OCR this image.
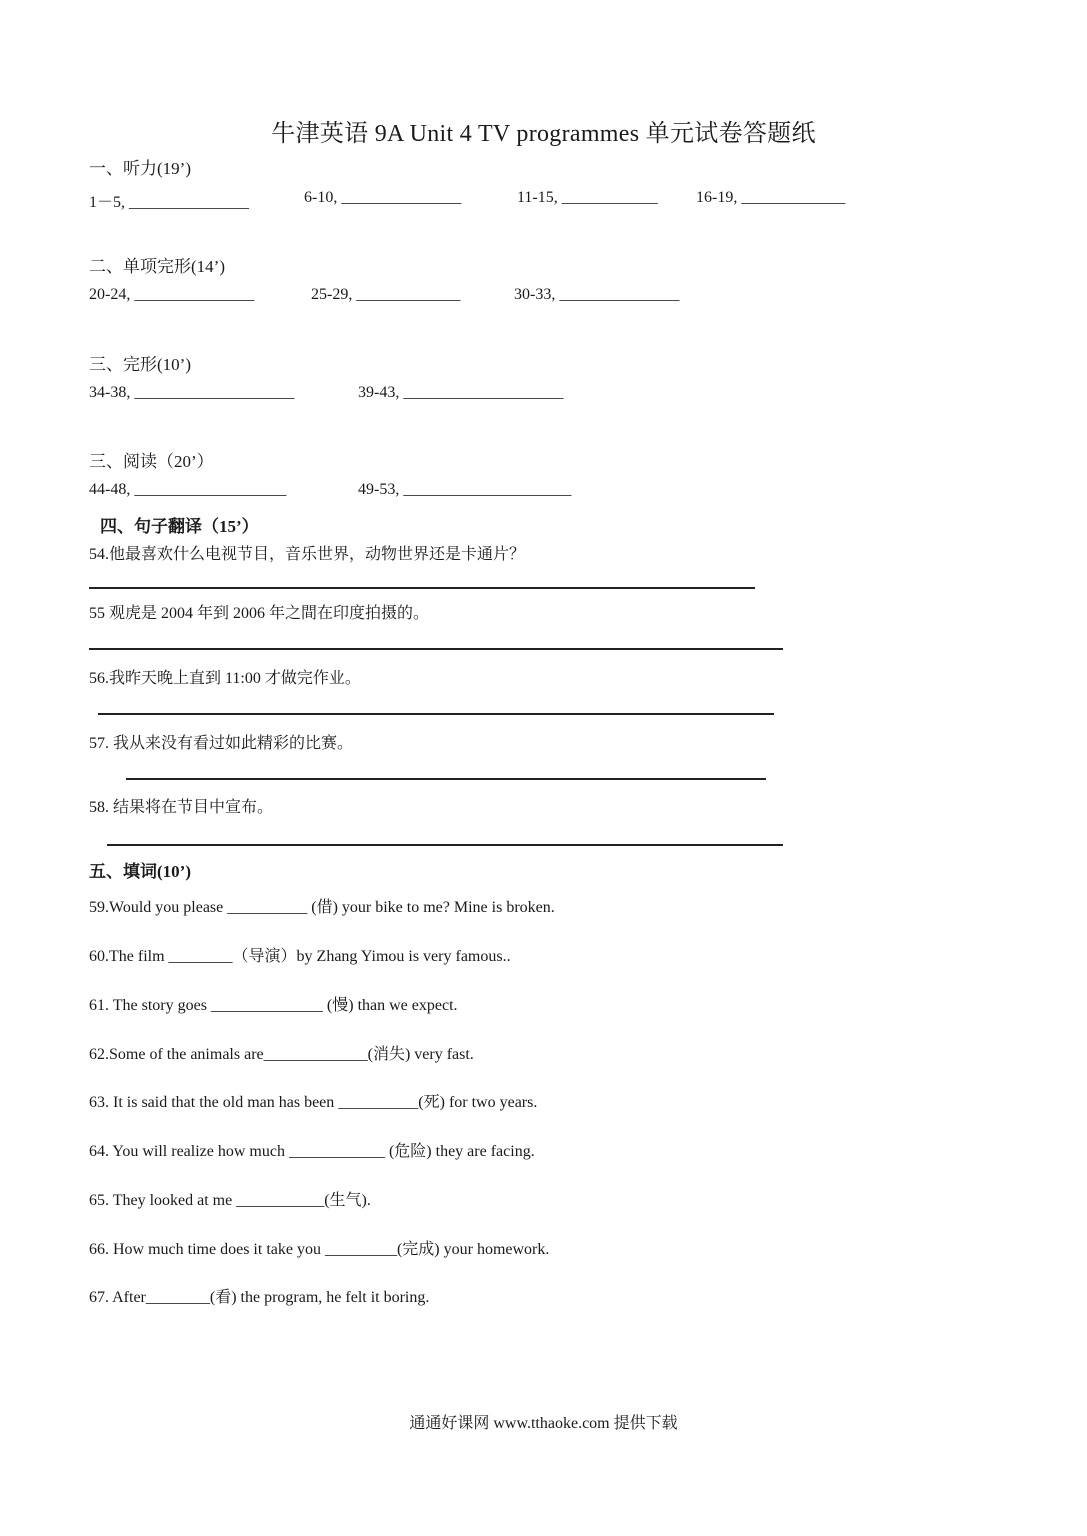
牛津英语 9A Unit 4 TV programmes 单元试卷答题纸
一、听力(19’)
1－5, _______________	6-10, _______________	11-15, ____________ 16-19, _____________
二、单项完形(14’)
20-24, _______________	25-29, _____________	30-33, _______________
三、完形(10’)
34-38, ____________________	39-43, ____________________
三、阅读（20’）
44-48, ___________________	49-53, _____________________
四、句子翻译（15’）
54.他最喜欢什么电视节目，音乐世界，动物世界还是卡通片？
55 观虎是 2004 年到 2006 年之間在印度拍摄的。
56.我昨天晚上直到 11:00 才做完作业。
57. 我从来没有看过如此精彩的比赛。
58. 结果将在节目中宣布。
五、填词(10’)
59.Would you please __________ (借) your bike to me? Mine is broken.
60.The film ________（导演）by Zhang Yimou is very famous..
61. The story goes ______________ (慢) than we expect.
62.Some of the animals are_____________(消失) very fast.
63. It is said that the old man has been __________(死) for two years.
64. You will realize how much ____________ (危险) they are facing.
65. They looked at me ___________(生气).
66. How much time does it take you _________(完成) your homework.
67. After________(看) the program, he felt it boring.
通通好课网 www.tthaoke.com 提供下载
